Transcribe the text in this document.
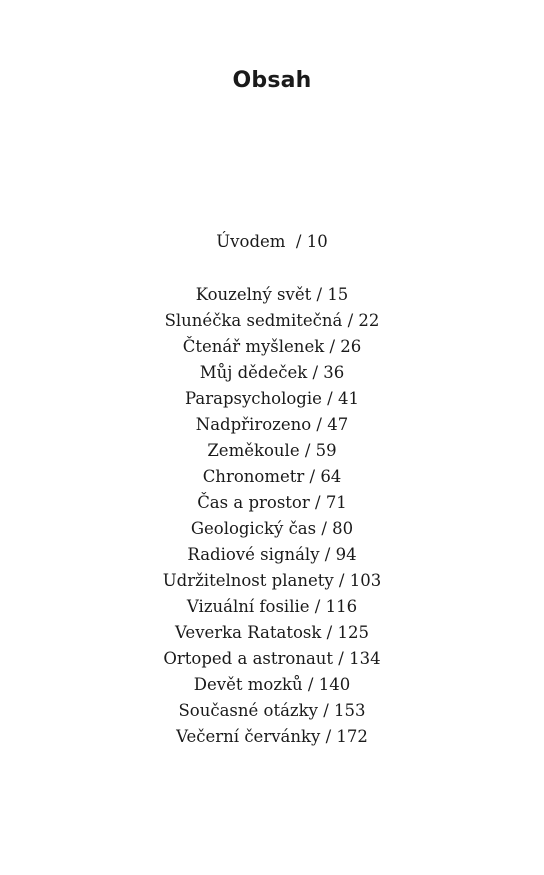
Obsah
Úvodem  / 10
Kouzelný svět / 15
Slunéčka sedmitečná / 22
Čtenář myšlenek / 26
Můj dědeček / 36
Parapsychologie / 41
Nadpřirozeno / 47
Zeměkoule / 59
Chronometr / 64
Čas a prostor / 71
Geologický čas / 80
Radiové signály / 94
Udržitelnost planety / 103
Vizuální fosilie / 116
Veverka Ratatosk / 125
Ortoped a astronaut / 134
Devět mozků / 140
Současné otázky / 153
Večerní červánky / 172
